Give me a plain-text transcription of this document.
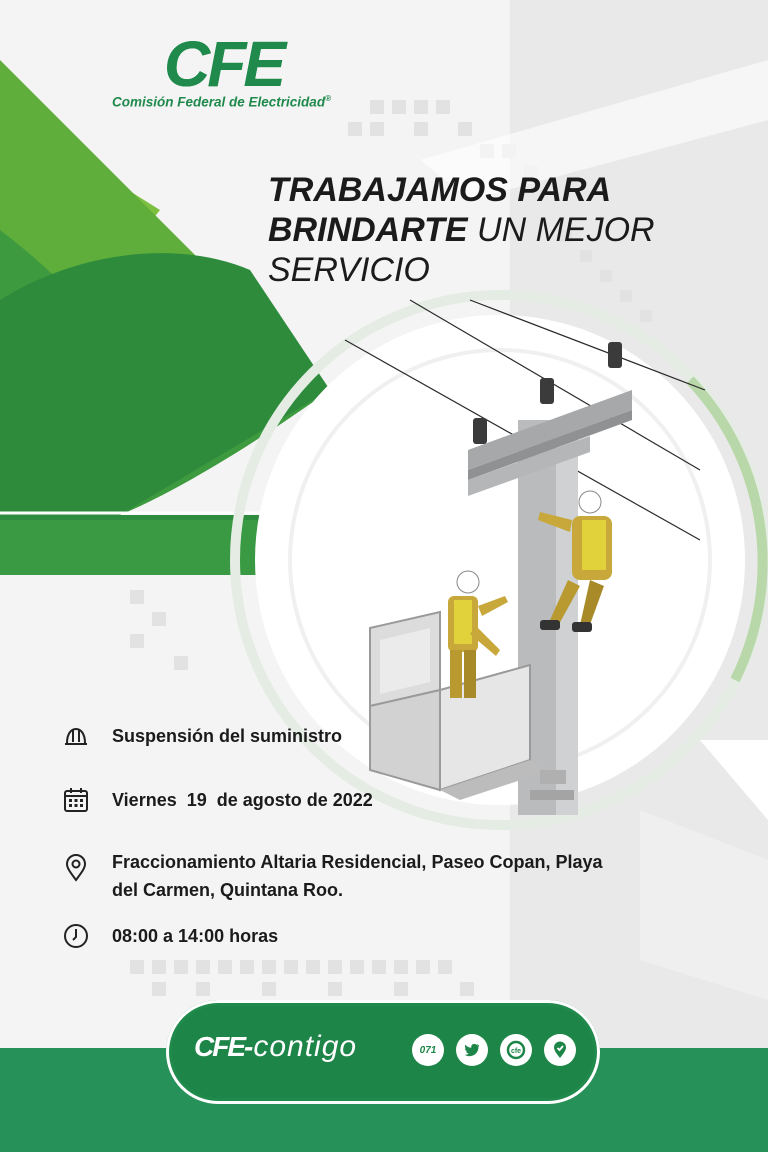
CFE
Comisión Federal de Electricidad®
TRABAJAMOS PARA
BRINDARTE UN MEJOR
SERVICIO
Suspensión del suministro
Viernes  19  de agosto de 2022
Fraccionamiento Altaria Residencial, Paseo Copan, Playa
del Carmen, Quintana Roo.
08:00 a 14:00 horas
CFE-contigo	071	cfe
